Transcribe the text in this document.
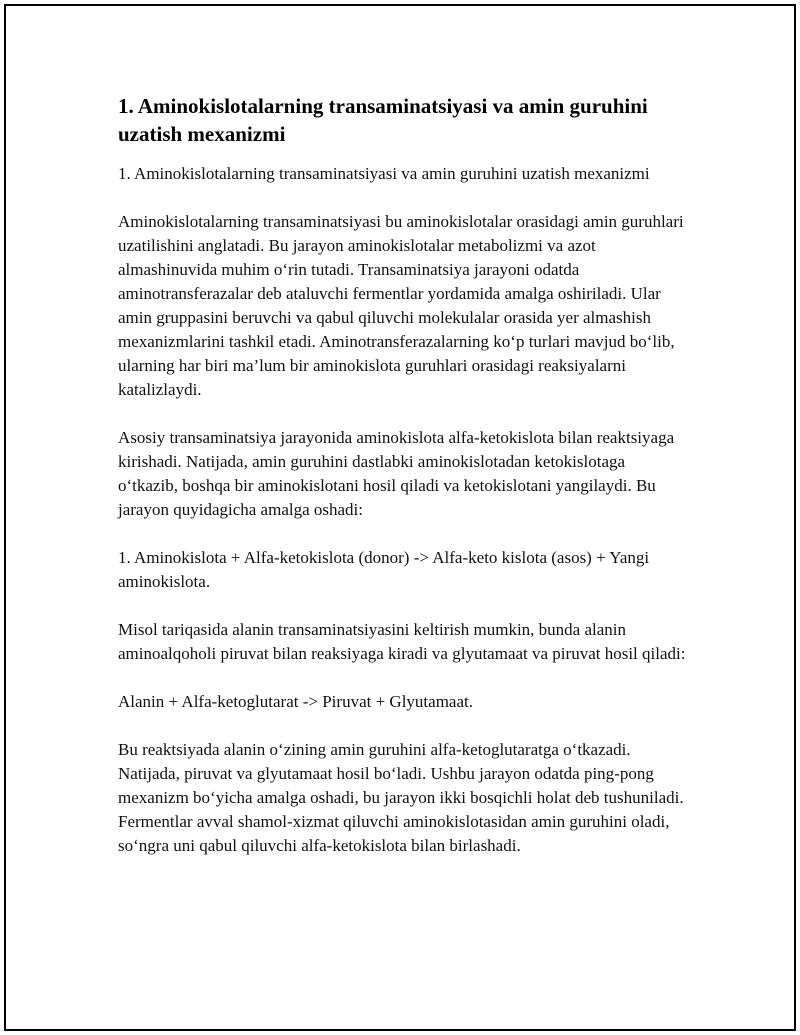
1. Aminokislotalarning transaminatsiyasi va amin guruhini uzatish mexanizmi

1. Aminokislotalarning transaminatsiyasi va amin guruhini uzatish mexanizmi

Aminokislotalarning transaminatsiyasi bu aminokislotalar orasidagi amin guruhlari uzatilishini anglatadi. Bu jarayon aminokislotalar metabolizmi va azot almashinuvida muhim o‘rin tutadi. Transaminatsiya jarayoni odatda aminotransferazalar deb ataluvchi fermentlar yordamida amalga oshiriladi. Ular amin gruppasini beruvchi va qabul qiluvchi molekulalar orasida yer almashish mexanizmlarini tashkil etadi. Aminotransferazalarning ko‘p turlari mavjud bo‘lib, ularning har biri ma’lum bir aminokislota guruhlari orasidagi reaksiyalarni katalizlaydi.

Asosiy transaminatsiya jarayonida aminokislota alfa-ketokislota bilan reaktsiyaga kirishadi. Natijada, amin guruhini dastlabki aminokislotadan ketokislotaga o‘tkazib, boshqa bir aminokislotani hosil qiladi va ketokislotani yangilaydi. Bu jarayon quyidagicha amalga oshadi:

1. Aminokislota + Alfa-ketokislota (donor) -> Alfa-keto kislota (asos) + Yangi aminokislota.

Misol tariqasida alanin transaminatsiyasini keltirish mumkin, bunda alanin aminoalqoholi piruvat bilan reaksiyaga kiradi va glyutamaat va piruvat hosil qiladi:

Alanin + Alfa-ketoglutarat -> Piruvat + Glyutamaat.

Bu reaktsiyada alanin o‘zining amin guruhini alfa-ketoglutaratga o‘tkazadi. Natijada, piruvat va glyutamaat hosil bo‘ladi. Ushbu jarayon odatda ping-pong mexanizm bo‘yicha amalga oshadi, bu jarayon ikki bosqichli holat deb tushuniladi. Fermentlar avval shamol-xizmat qiluvchi aminokislotasidan amin guruhini oladi, so‘ngra uni qabul qiluvchi alfa-ketokislota bilan birlashadi.
